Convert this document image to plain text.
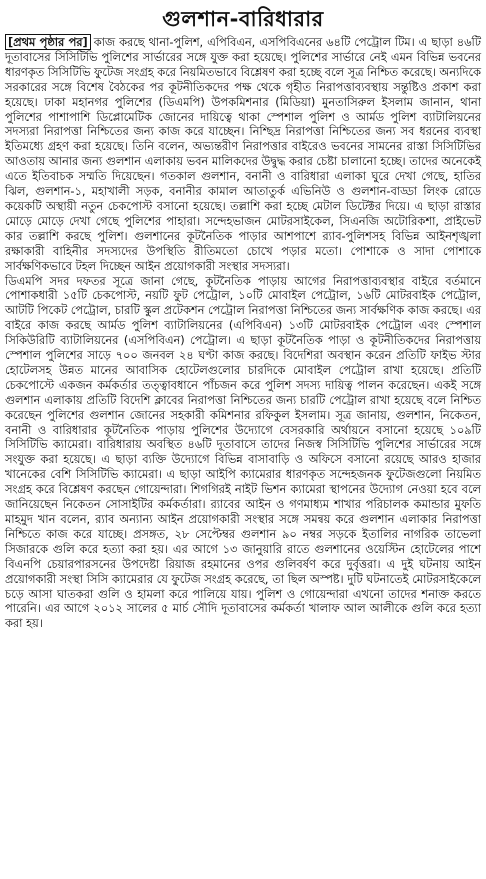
গুলশান-বারিধারার

[প্রথম পৃষ্ঠার পর] কাজ করছে থানা-পুলিশ, এপিবিএন, এসপিবিএনের ৬৪টি পেট্রোল টিম। এ ছাড়া ৪৬টি দূতাবাসের সিসিটিভি পুলিশের সার্ভারের সঙ্গে যুক্ত করা হয়েছে। পুলিশের সার্ভারে নেই এমন বিভিন্ন ভবনের ধারণকৃত সিসিটিভি ফুটেজ সংগ্রহ করে নিয়মিতভাবে বিশ্লেষণ করা হচ্ছে বলে সূত্র নিশ্চিত করেছে। অন্যদিকে সরকারের সঙ্গে বিশেষ বৈঠকের পর কূটনীতিকদের পক্ষ থেকে গৃহীত নিরাপত্তাব্যবস্থায় সন্তুষ্টিও প্রকাশ করা হয়েছে। ঢাকা মহানগর পুলিশের (ডিএমপি) উপকমিশনার (মিডিয়া) মুনতাসিরুল ইসলাম জানান, থানা পুলিশের পাশাপাশি ডিপ্লোমেটিক জোনের দায়িত্বে থাকা স্পেশাল পুলিশ ও আর্মড পুলিশ ব্যাটালিয়নের সদস্যরা নিরাপত্তা নিশ্চিতের জন্য কাজ করে যাচ্ছেন। নিশ্ছিদ্র নিরাপত্তা নিশ্চিতের জন্য সব ধরনের ব্যবস্থা ইতিমধ্যে গ্রহণ করা হয়েছে। তিনি বলেন, অভ্যন্তরীণ নিরাপত্তার বাইরেও ভবনের সামনের রাস্তা সিসিটিভির আওতায় আনার জন্য গুলশান এলাকায় ভবন মালিকদের উদ্বুদ্ধ করার চেষ্টা চালানো হচ্ছে। তাদের অনেকেই এতে ইতিবাচক সম্মতি দিয়েছেন। গতকাল গুলশান, বনানী ও বারিধারা এলাকা ঘুরে দেখা গেছে, হাতির ঝিল, গুলশান-১, মহাখালী সড়ক, বনানীর কামাল আতাতুর্ক এভিনিউ ও গুলশান-বাড্ডা লিংক রোডে কয়েকটি অস্থায়ী নতুন চেকপোস্ট বসানো হয়েছে। তল্লাশি করা হচ্ছে মেটাল ডিটেক্টর দিয়ে। এ ছাড়া রাস্তার মোড়ে মোড়ে দেখা গেছে পুলিশের পাহারা। সন্দেহভাজন মোটরসাইকেল, সিএনজি অটোরিকশা, প্রাইভেট কার তল্লাশি করছে পুলিশ। গুলশানের কূটনৈতিক পাড়ার আশপাশে র‍্যাব-পুলিশসহ বিভিন্ন আইনশৃঙ্খলা রক্ষাকারী বাহিনীর সদস্যদের উপস্থিতি রীতিমতো চোখে পড়ার মতো। পোশাকে ও সাদা পোশাকে সার্বক্ষণিকভাবে টহল দিচ্ছেন আইন প্রয়োগকারী সংস্থার সদস্যরা।

ডিএমপি সদর দফতর সূত্রে জানা গেছে, কূটনৈতিক পাড়ায় আগের নিরাপত্তাব্যবস্থার বাইরে বর্তমানে পোশাকধারী ১৫টি চেকপোস্ট, নয়টি ফুট পেট্রোল, ১০টি মোবাইল পেট্রোল, ১৬টি মোটরবাইক পেট্রোল, আটটি পিকেট পেট্রোল, চারটি স্কুল প্রটেকশন পেট্রোল নিরাপত্তা নিশ্চিতের জন্য সার্বক্ষণিক কাজ করছে। এর বাইরে কাজ করছে আর্মড পুলিশ ব্যাটালিয়নের (এপিবিএন) ১৩টি মোটরবাইক পেট্রোল এবং স্পেশাল সিকিউরিটি ব্যাটালিয়নের (এসপিবিএন) পেট্রোল। এ ছাড়া কূটনৈতিক পাড়া ও কূটনীতিকদের নিরাপত্তায় স্পেশাল পুলিশের সাড়ে ৭০০ জনবল ২৪ ঘণ্টা কাজ করছে। বিদেশিরা অবস্থান করেন প্রতিটি ফাইভ স্টার হোটেলসহ উন্নত মানের আবাসিক হোটেলগুলোর চারদিকে মোবাইল পেট্রোল রাখা হয়েছে। প্রতিটি চেকপোস্টে একজন কর্মকর্তার তত্ত্বাবধানে পাঁচজন করে পুলিশ সদস্য দায়িত্ব পালন করেছেন। একই সঙ্গে গুলশান এলাকায় প্রতিটি বিদেশি ক্লাবের নিরাপত্তা নিশ্চিতের জন্য চারটি পেট্রোল রাখা হয়েছে বলে নিশ্চিত করেছেন পুলিশের গুলশান জোনের সহকারী কমিশনার রফিকুল ইসলাম। সূত্র জানায়, গুলশান, নিকেতন, বনানী ও বারিধারার কূটনৈতিক পাড়ায় পুলিশের উদ্যোগে বেসরকারি অর্থায়নে বসানো হয়েছে ১০৯টি সিসিটিভি ক্যামেরা। বারিধারায় অবস্থিত ৪৬টি দূতাবাসে তাদের নিজস্ব সিসিটিভি পুলিশের সার্ভারের সঙ্গে সংযুক্ত করা হয়েছে। এ ছাড়া ব্যক্তি উদ্যোগে বিভিন্ন বাসাবাড়ি ও অফিসে বসানো রয়েছে আরও হাজার খানেকের বেশি সিসিটিভি ক্যামেরা। এ ছাড়া আইপি ক্যামেরার ধারণকৃত সন্দেহজনক ফুটেজগুলো নিয়মিত সংগ্রহ করে বিশ্লেষণ করছেন গোয়েন্দারা। শিগগিরই নাইট ভিশন ক্যামেরা স্থাপনের উদ্যোগ নেওয়া হবে বলে জানিয়েছেন নিকেতন সোসাইটির কর্মকর্তারা। র‍্যাবের আইন ও গণমাধ্যম শাখার পরিচালক কমান্ডার মুফতি মাহমুদ খান বলেন, র‍্যাব অন্যান্য আইন প্রয়োগকারী সংস্থার সঙ্গে সমন্বয় করে গুলশান এলাকার নিরাপত্তা নিশ্চিতে কাজ করে যাচ্ছে। প্রসঙ্গত, ২৮ সেপ্টেম্বর গুলশান ৯০ নম্বর সড়কে ইতালির নাগরিক তাভেলা সিজারকে গুলি করে হত্যা করা হয়। এর আগে ১৩ জানুয়ারি রাতে গুলশানের ওয়েস্টিন হোটেলের পাশে বিএনপি চেয়ারপারসনের উপদেষ্টা রিয়াজ রহমানের ওপর গুলিবর্ষণ করে দুর্বৃত্তরা। এ দুই ঘটনায় আইন প্রয়োগকারী সংস্থা সিসি ক্যামেরার যে ফুটেজ সংগ্রহ করেছে, তা ছিল অস্পষ্ট। দুটি ঘটনাতেই মোটরসাইকেলে চড়ে আসা ঘাতকরা গুলি ও হামলা করে পালিয়ে যায়। পুলিশ ও গোয়েন্দারা এখনো তাদের শনাক্ত করতে পারেনি। এর আগে ২০১২ সালের ৫ মার্চ সৌদি দূতাবাসের কর্মকর্তা খালাফ আল আলীকে গুলি করে হত্যা করা হয়।
